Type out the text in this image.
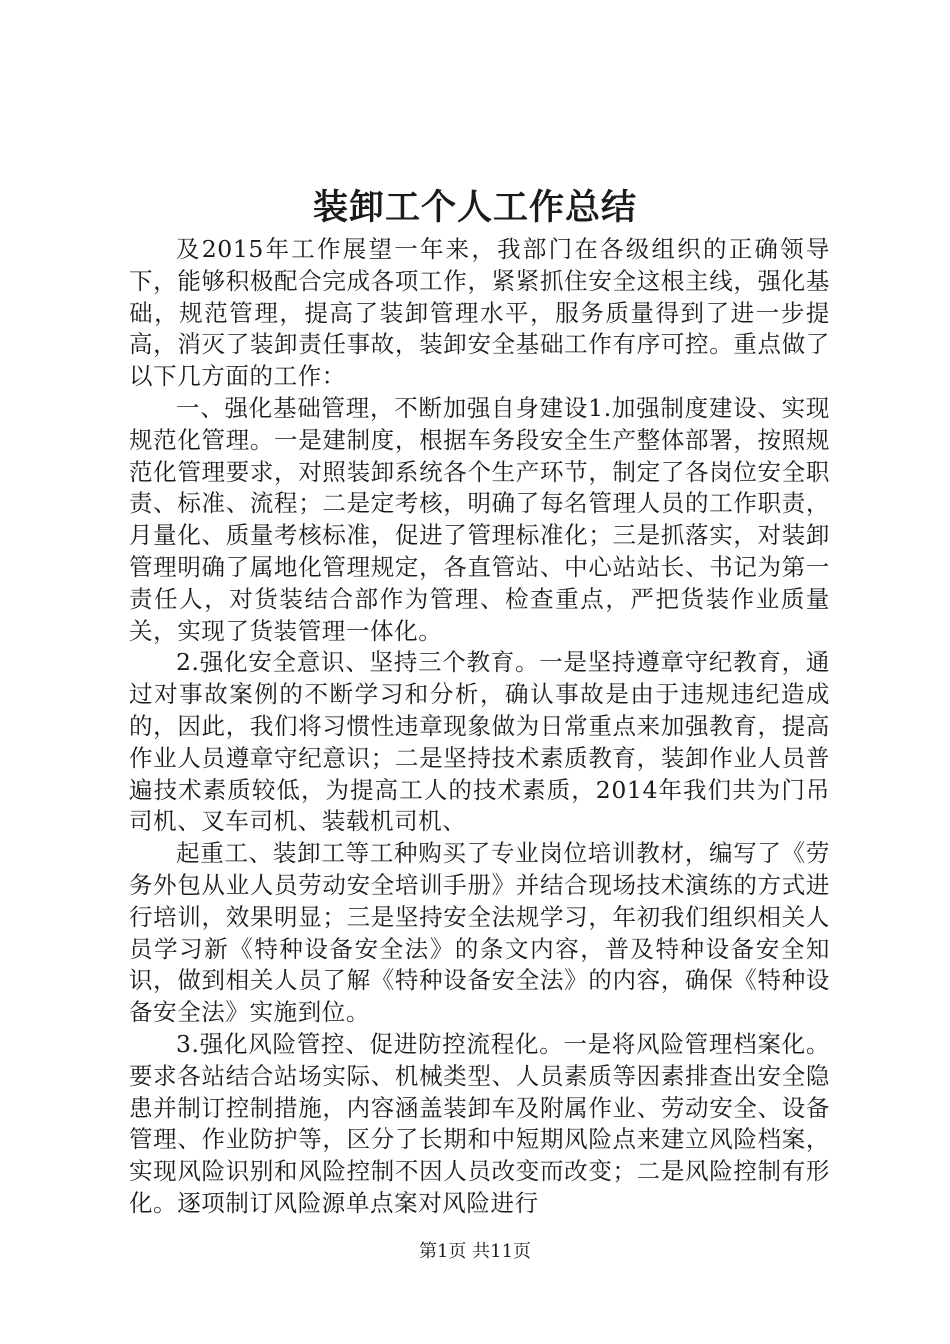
装卸工个人工作总结

及2015年工作展望一年来，我部门在各级组织的正确领导下，能够积极配合完成各项工作，紧紧抓住安全这根主线，强化基础，规范管理，提高了装卸管理水平，服务质量得到了进一步提高，消灭了装卸责任事故，装卸安全基础工作有序可控。重点做了以下几方面的工作：

一、强化基础管理，不断加强自身建设1.加强制度建设、实现规范化管理。一是建制度，根据车务段安全生产整体部署，按照规范化管理要求，对照装卸系统各个生产环节，制定了各岗位安全职责、标准、流程；二是定考核，明确了每名管理人员的工作职责，月量化、质量考核标准，促进了管理标准化；三是抓落实，对装卸管理明确了属地化管理规定，各直管站、中心站站长、书记为第一责任人，对货装结合部作为管理、检查重点，严把货装作业质量关，实现了货装管理一体化。

2.强化安全意识、坚持三个教育。一是坚持遵章守纪教育，通过对事故案例的不断学习和分析，确认事故是由于违规违纪造成的，因此，我们将习惯性违章现象做为日常重点来加强教育，提高作业人员遵章守纪意识；二是坚持技术素质教育，装卸作业人员普遍技术素质较低，为提高工人的技术素质，2014年我们共为门吊司机、叉车司机、装载机司机、

起重工、装卸工等工种购买了专业岗位培训教材，编写了《劳务外包从业人员劳动安全培训手册》并结合现场技术演练的方式进行培训，效果明显；三是坚持安全法规学习，年初我们组织相关人员学习新《特种设备安全法》的条文内容，普及特种设备安全知识，做到相关人员了解《特种设备安全法》的内容，确保《特种设备安全法》实施到位。

3.强化风险管控、促进防控流程化。一是将风险管理档案化。要求各站结合站场实际、机械类型、人员素质等因素排查出安全隐患并制订控制措施，内容涵盖装卸车及附属作业、劳动安全、设备管理、作业防护等，区分了长期和中短期风险点来建立风险档案，实现风险识别和风险控制不因人员改变而改变；二是风险控制有形化。逐项制订风险源单点案对风险进行

第1页 共11页
